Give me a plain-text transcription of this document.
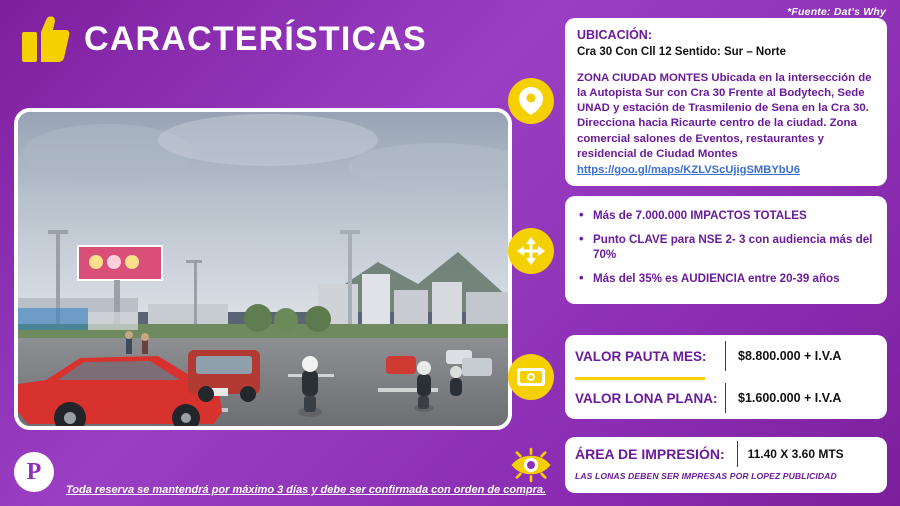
*Fuente: Dat's Why
CARACTERÍSTICAS
P
Toda reserva se mantendrá por máximo 3 días y debe ser confirmada con orden de compra.
UBICACIÓN:
Cra 30 Con Cll 12 Sentido: Sur – Norte
ZONA CIUDAD MONTES Ubicada en la intersección de la Autopista Sur con Cra 30 Frente al Bodytech, Sede UNAD y estación de Trasmilenio de Sena en la Cra 30. Direcciona hacia Ricaurte centro de la ciudad. Zona comercial salones de Eventos, restaurantes y residencial de Ciudad Montes
https://goo.gl/maps/KZLVScUjigSMBYbU6
• Más de 7.000.000 IMPACTOS TOTALES
• Punto CLAVE para NSE 2- 3 con audiencia más del 70%
• Más del 35% es AUDIENCIA entre 20-39 años
VALOR PAUTA MES:	$8.800.000 + I.V.A
VALOR LONA PLANA:	$1.600.000 + I.V.A
ÁREA DE IMPRESIÓN: 11.40 X 3.60 MTS
LAS LONAS DEBEN SER IMPRESAS POR LOPEZ PUBLICIDAD
